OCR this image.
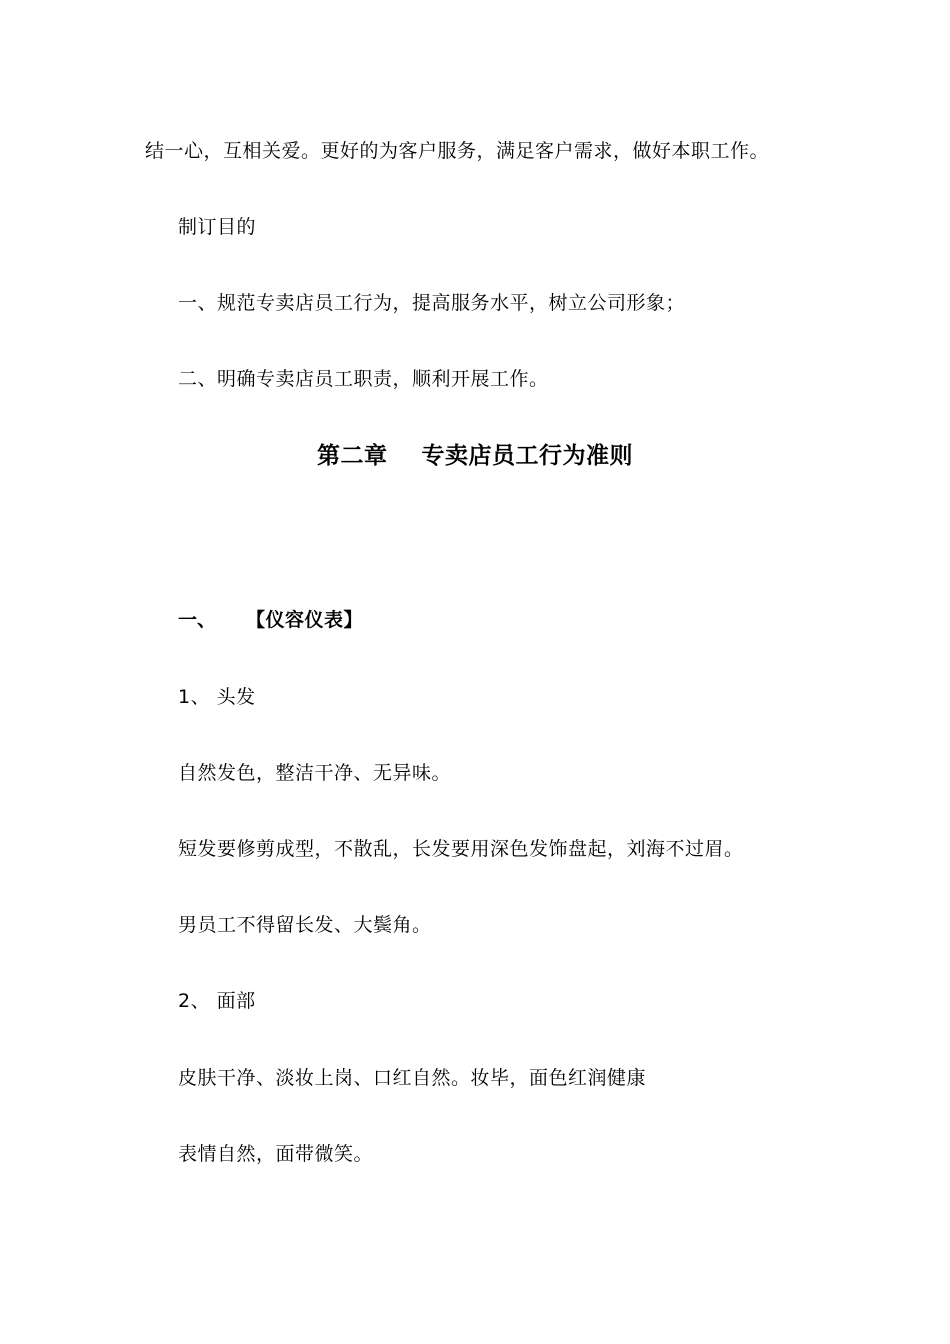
结一心，互相关爱。更好的为客户服务，满足客户需求，做好本职工作。
制订目的
一、规范专卖店员工行为，提高服务水平，树立公司形象；
二、明确专卖店员工职责，顺利开展工作。
第二章    专卖店员工行为准则
一、 【仪容仪表】
1、 头发
自然发色，整洁干净、无异味。
短发要修剪成型，不散乱，长发要用深色发饰盘起，刘海不过眉。
男员工不得留长发、大鬓角。
2、 面部
皮肤干净、淡妆上岗、口红自然。妆毕，面色红润健康
表情自然，面带微笑。
